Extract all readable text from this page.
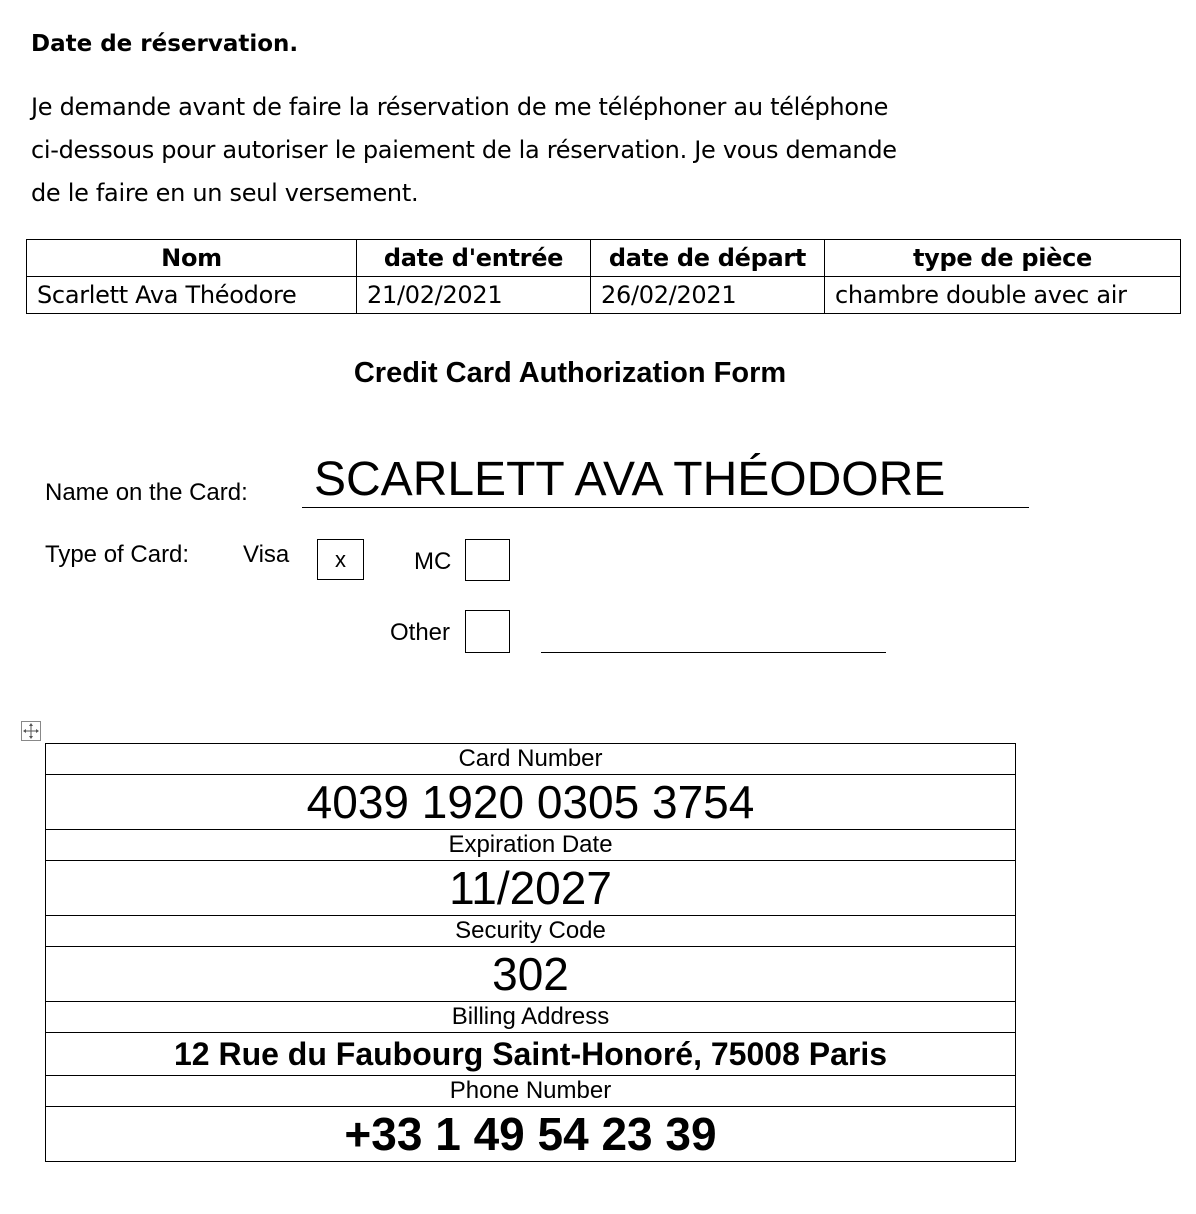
Date de réservation.
Je demande avant de faire la réservation de me téléphoner au téléphone
ci-dessous pour autoriser le paiement de la réservation. Je vous demande
de le faire en un seul versement.
Nom	date d'entrée	date de départ	type de pièce
Scarlett Ava Théodore	21/02/2021	26/02/2021	chambre double avec air
Credit Card Authorization Form
Name on the Card: SCARLETT AVA THÉODORE
Type of Card: Visa x	MC
Other
Card Number
4039 1920 0305 3754
Expiration Date
11/2027
Security Code
302
Billing Address
12 Rue du Faubourg Saint-Honoré, 75008 Paris
Phone Number
+33 1 49 54 23 39
